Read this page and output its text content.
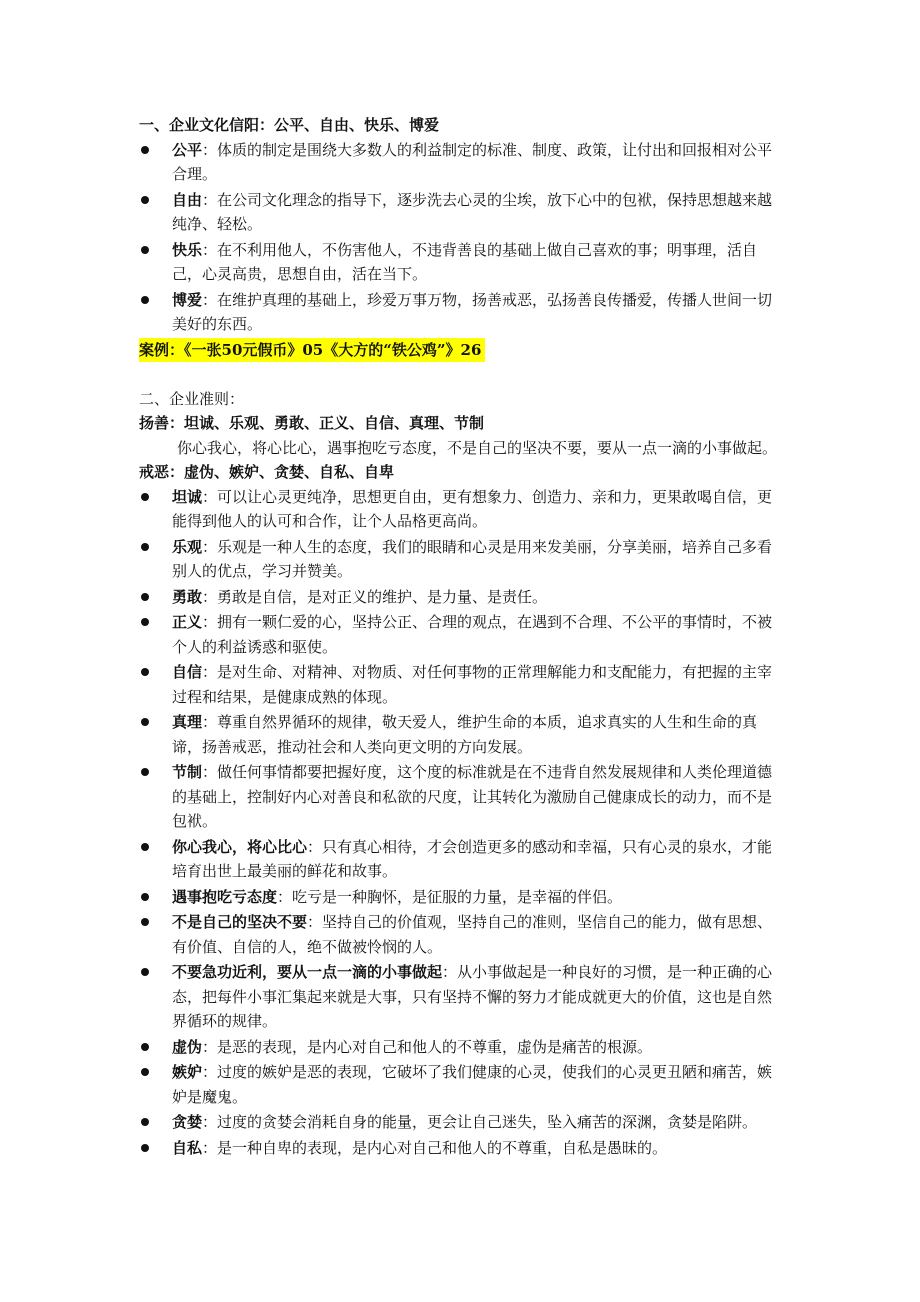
一、企业文化信阳：公平、自由、快乐、博爱
公平：体质的制定是围绕大多数人的利益制定的标准、制度、政策，让付出和回报相对公平合理。
自由：在公司文化理念的指导下，逐步洗去心灵的尘埃，放下心中的包袱，保持思想越来越纯净、轻松。
快乐：在不利用他人，不伤害他人，不违背善良的基础上做自己喜欢的事；明事理，活自己，心灵高贵，思想自由，活在当下。
博爱：在维护真理的基础上，珍爱万事万物，扬善戒恶，弘扬善良传播爱，传播人世间一切美好的东西。
案例：《一张50元假币》05《大方的“铁公鸡”》26
二、企业准则：
扬善：坦诚、乐观、勇敢、正义、自信、真理、节制
你心我心，将心比心，遇事抱吃亏态度，不是自己的坚决不要，要从一点一滴的小事做起。
戒恶：虚伪、嫉妒、贪婪、自私、自卑
坦诚：可以让心灵更纯净，思想更自由，更有想象力、创造力、亲和力，更果敢喝自信，更能得到他人的认可和合作，让个人品格更高尚。
乐观：乐观是一种人生的态度，我们的眼睛和心灵是用来发美丽，分享美丽，培养自己多看别人的优点，学习并赞美。
勇敢：勇敢是自信，是对正义的维护、是力量、是责任。
正义：拥有一颗仁爱的心，坚持公正、合理的观点，在遇到不合理、不公平的事情时，不被个人的利益诱惑和驱使。
自信：是对生命、对精神、对物质、对任何事物的正常理解能力和支配能力，有把握的主宰过程和结果，是健康成熟的体现。
真理：尊重自然界循环的规律，敬天爱人，维护生命的本质，追求真实的人生和生命的真谛，扬善戒恶，推动社会和人类向更文明的方向发展。
节制：做任何事情都要把握好度，这个度的标准就是在不违背自然发展规律和人类伦理道德的基础上，控制好内心对善良和私欲的尺度，让其转化为激励自己健康成长的动力，而不是包袱。
你心我心，将心比心：只有真心相待，才会创造更多的感动和幸福，只有心灵的泉水，才能培育出世上最美丽的鲜花和故事。
遇事抱吃亏态度：吃亏是一种胸怀，是征服的力量，是幸福的伴侣。
不是自己的坚决不要：坚持自己的价值观，坚持自己的准则，坚信自己的能力，做有思想、有价值、自信的人，绝不做被怜悯的人。
不要急功近利，要从一点一滴的小事做起：从小事做起是一种良好的习惯，是一种正确的心态，把每件小事汇集起来就是大事，只有坚持不懈的努力才能成就更大的价值，这也是自然界循环的规律。
虚伪：是恶的表现，是内心对自己和他人的不尊重，虚伪是痛苦的根源。
嫉妒：过度的嫉妒是恶的表现，它破坏了我们健康的心灵，使我们的心灵更丑陋和痛苦，嫉妒是魔鬼。
贪婪：过度的贪婪会消耗自身的能量，更会让自己迷失，坠入痛苦的深渊，贪婪是陷阱。
自私：是一种自卑的表现，是内心对自己和他人的不尊重，自私是愚昧的。
